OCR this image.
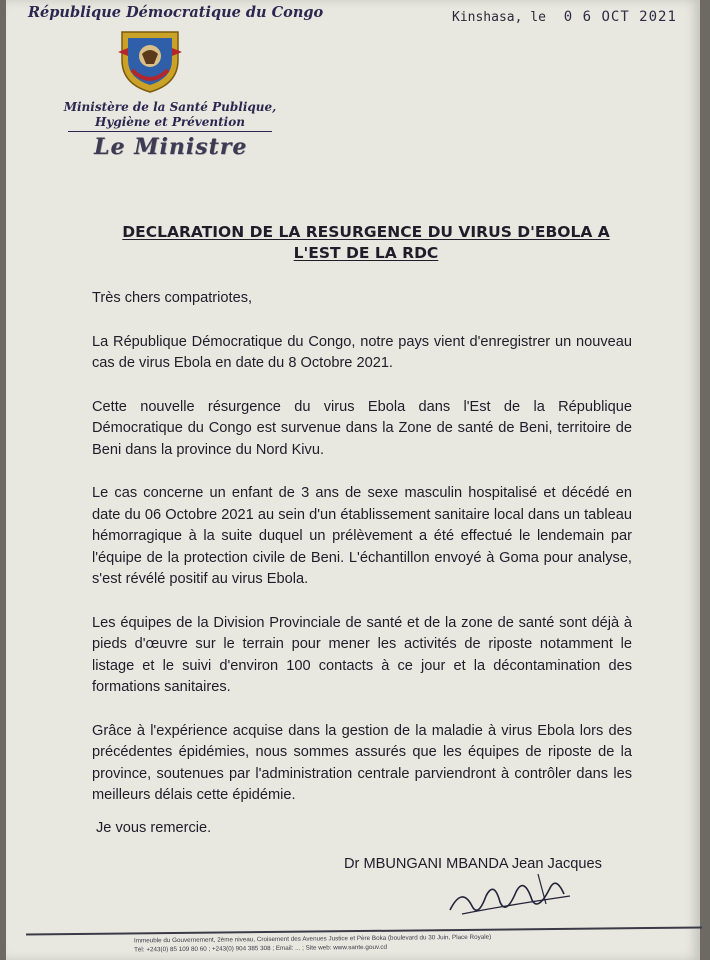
République Démocratique du Congo	Kinshasa, le 0 6 OCT 2021
Ministère de la Santé Publique,
Hygiène et Prévention
Le Ministre
DECLARATION DE LA RESURGENCE DU VIRUS D'EBOLA A
L'EST DE LA RDC

Très chers compatriotes,

La République Démocratique du Congo, notre pays vient d'enregistrer un nouveau cas de virus Ebola en date du 8 Octobre 2021.

Cette nouvelle résurgence du virus Ebola dans l'Est de la République Démocratique du Congo est survenue dans la Zone de santé de Beni, territoire de Beni dans la province du Nord Kivu.

Le cas concerne un enfant de 3 ans de sexe masculin hospitalisé et décédé en date du 06 Octobre 2021 au sein d'un établissement sanitaire local dans un tableau hémorragique à la suite duquel un prélèvement a été effectué le lendemain par l'équipe de la protection civile de Beni. L'échantillon envoyé à Goma pour analyse, s'est révélé positif au virus Ebola.

Les équipes de la Division Provinciale de santé et de la zone de santé sont déjà à pieds d'œuvre sur le terrain pour mener les activités de riposte notamment le listage et le suivi d'environ 100 contacts à ce jour et la décontamination des formations sanitaires.

Grâce à l'expérience acquise dans la gestion de la maladie à virus Ebola lors des précédentes épidémies, nous sommes assurés que les équipes de riposte de la province, soutenues par l'administration centrale parviendront à contrôler dans les meilleurs délais cette épidémie.

Je vous remercie.
Dr MBUNGANI MBANDA Jean Jacques
Immeuble du Gouvernement, 2ème niveau, Croisement des Avenues Justice et Père Boka (boulevard du 30 Juin, Place Royale)
Tél: +243(0) 85 109 80 60 ; +243(0) 904 385 308 ; Email: ... ; Site web: www.sante.gouv.cd
